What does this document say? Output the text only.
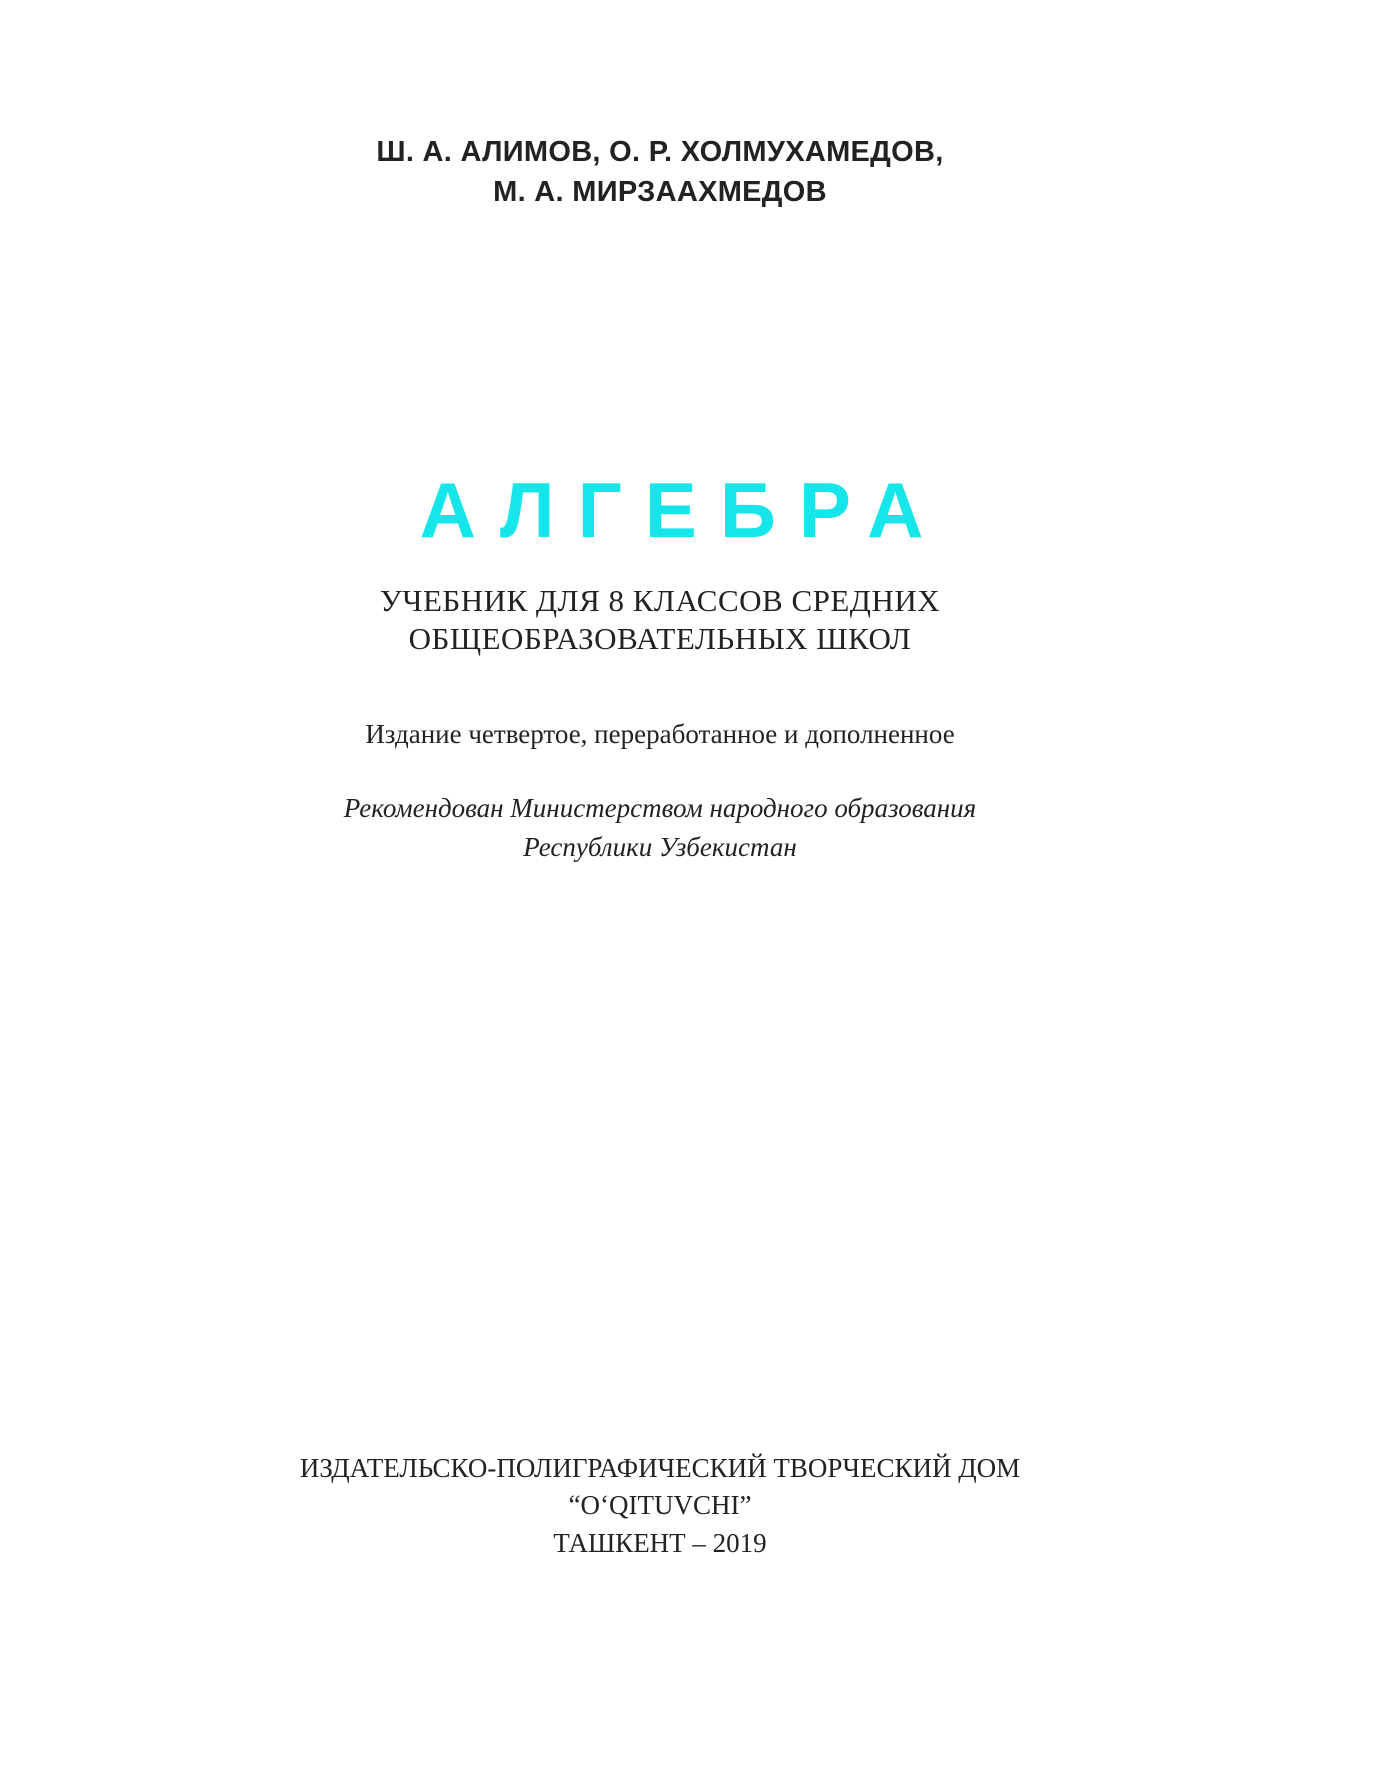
Ш. А. АЛИМОВ, О. Р. ХОЛМУХАМЕДОВ,
М. А. МИРЗААХМЕДОВ
АЛГЕБРА
УЧЕБНИК ДЛЯ 8 КЛАССОВ СРЕДНИХ
ОБЩЕОБРАЗОВАТЕЛЬНЫХ ШКОЛ
Издание четвертое, переработанное и дополненное
Рекомендован Министерством народного образования
Республики Узбекистан
ИЗДАТЕЛЬСКО-ПОЛИГРАФИЧЕСКИЙ ТВОРЧЕСКИЙ ДОМ
“O‘QITUVCHI”
ТАШКЕНТ – 2019
